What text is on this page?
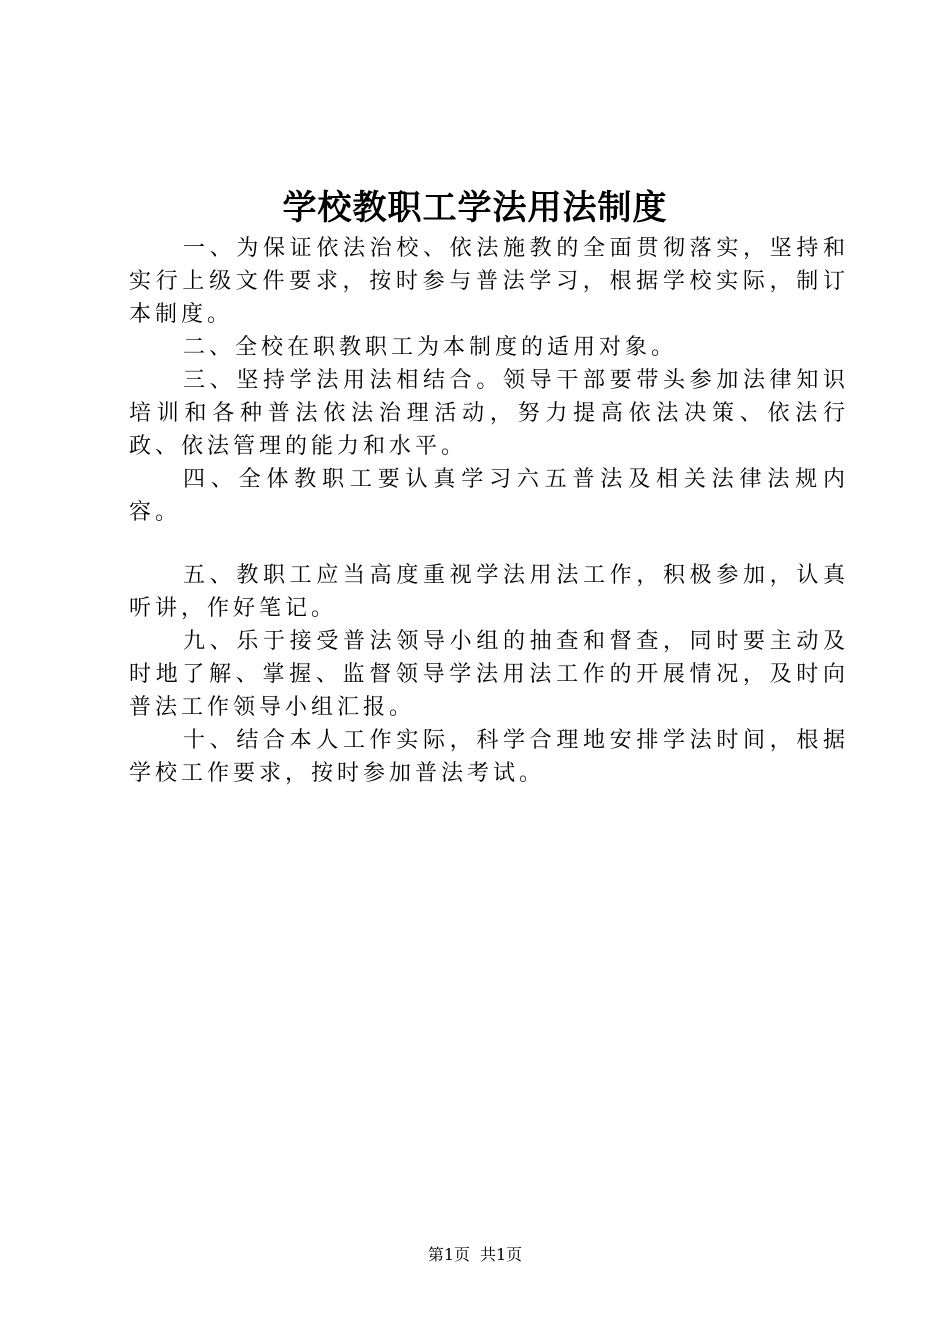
学校教职工学法用法制度

一、为保证依法治校、依法施教的全面贯彻落实，坚持和实行上级文件要求，按时参与普法学习，根据学校实际，制订本制度。

二、全校在职教职工为本制度的适用对象。

三、坚持学法用法相结合。领导干部要带头参加法律知识培训和各种普法依法治理活动，努力提高依法决策、依法行政、依法管理的能力和水平。

四、全体教职工要认真学习六五普法及相关法律法规内容。

五、教职工应当高度重视学法用法工作，积极参加，认真听讲，作好笔记。

九、乐于接受普法领导小组的抽查和督查，同时要主动及时地了解、掌握、监督领导学法用法工作的开展情况，及时向普法工作领导小组汇报。

十、结合本人工作实际，科学合理地安排学法时间，根据学校工作要求，按时参加普法考试。

第1页 共1页
